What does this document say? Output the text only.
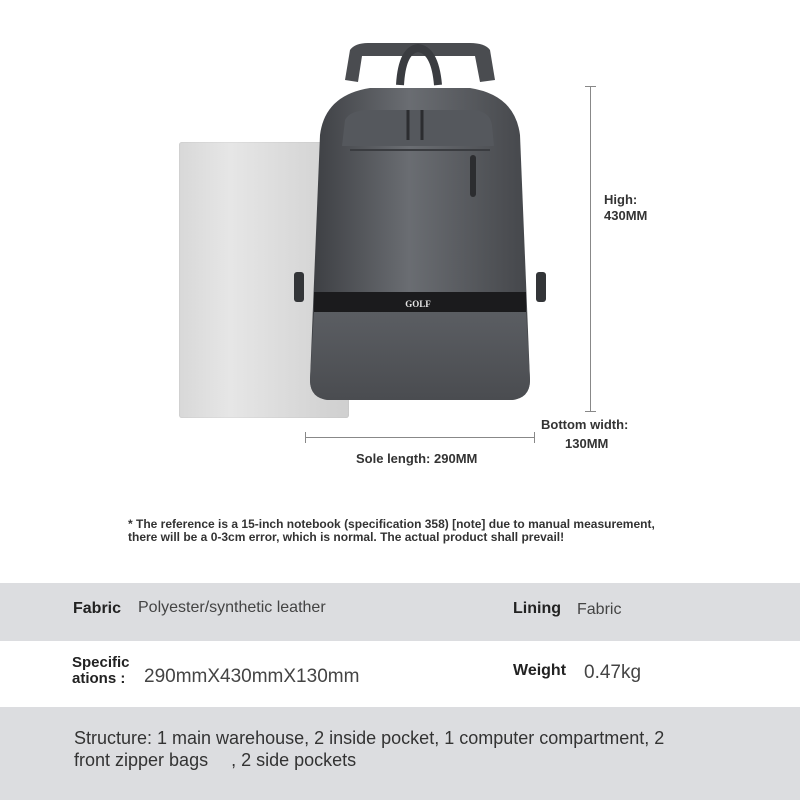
GOLF
High:
430MM
Bottom width:
130MM
Sole length: 290MM
* The reference is a 15-inch notebook (specification 358) [note] due to manual measurement,
there will be a 0-3cm error, which is normal. The actual product shall prevail!
Fabric Polyester/synthetic leather	Lining Fabric
Specific
ations : 290mmX430mmX130mm	Weight 0.47kg
Structure: 1 main warehouse, 2 inside pocket, 1 computer compartment, 2
front zipper bags 　, 2 side pockets
